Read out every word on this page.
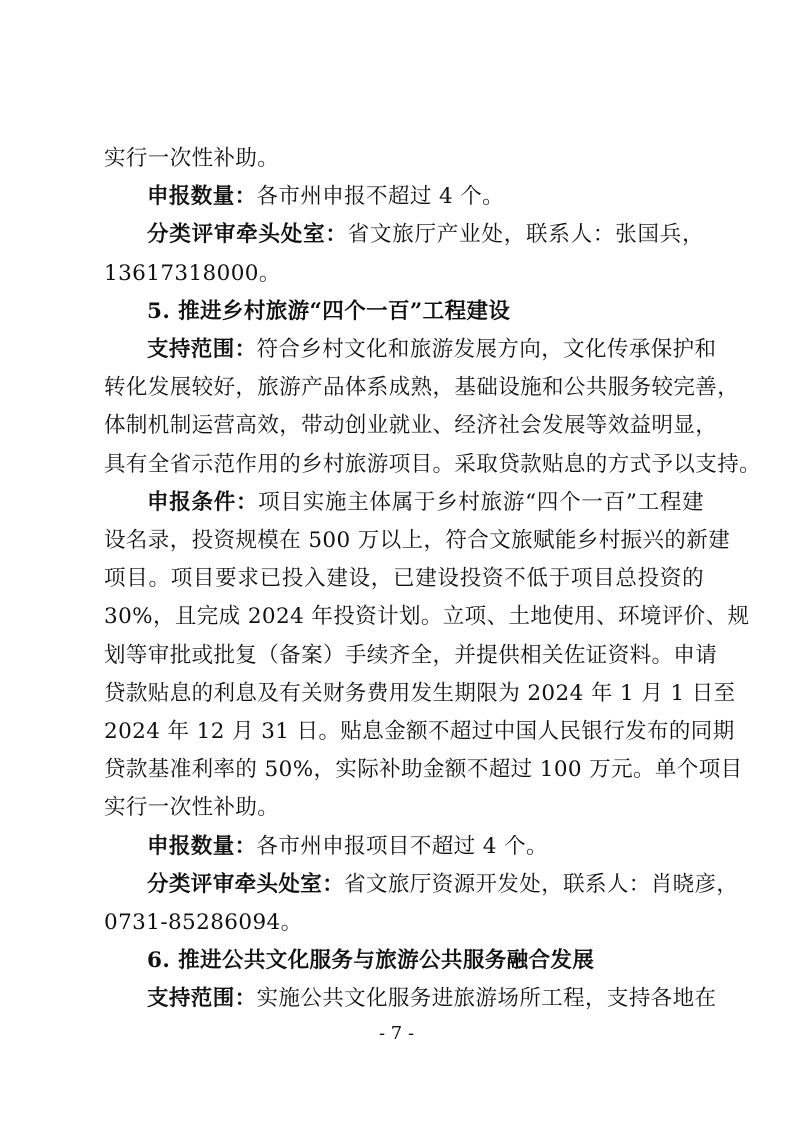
实行一次性补助。
申报数量：各市州申报不超过 4 个。
分类评审牵头处室：省文旅厅产业处，联系人：张国兵，
13617318000。
5. 推进乡村旅游“四个一百”工程建设
支持范围：符合乡村文化和旅游发展方向，文化传承保护和
转化发展较好，旅游产品体系成熟，基础设施和公共服务较完善，
体制机制运营高效，带动创业就业、经济社会发展等效益明显，
具有全省示范作用的乡村旅游项目。采取贷款贴息的方式予以支持。
申报条件：项目实施主体属于乡村旅游“四个一百”工程建
设名录，投资规模在 500 万以上，符合文旅赋能乡村振兴的新建
项目。项目要求已投入建设，已建设投资不低于项目总投资的
30%，且完成 2024 年投资计划。立项、土地使用、环境评价、规
划等审批或批复（备案）手续齐全，并提供相关佐证资料。申请
贷款贴息的利息及有关财务费用发生期限为 2024 年 1 月 1 日至
2024 年 12 月 31 日。贴息金额不超过中国人民银行发布的同期
贷款基准利率的 50%，实际补助金额不超过 100 万元。单个项目
实行一次性补助。
申报数量：各市州申报项目不超过 4 个。
分类评审牵头处室：省文旅厅资源开发处，联系人：肖晓彦，
0731-85286094。
6. 推进公共文化服务与旅游公共服务融合发展
支持范围：实施公共文化服务进旅游场所工程，支持各地在
- 7 -
